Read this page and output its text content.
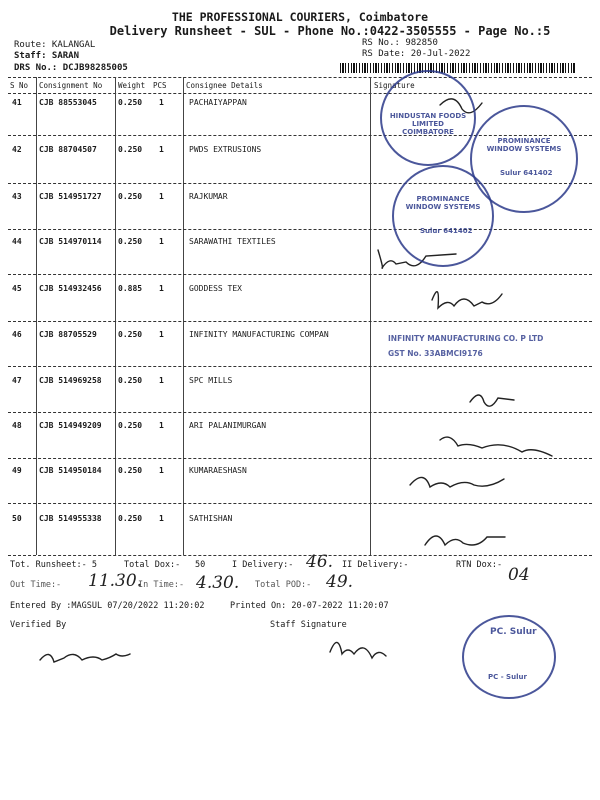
THE PROFESSIONAL COURIERS, Coimbatore
Delivery Runsheet - SUL - Phone No.:0422-3505555 - Page No.:5
Route: KALANGAL
Staff: SARAN
DRS No.: DCJB98285005
RS No.: 982850
RS Date: 20-Jul-2022
S No Consignment No Weight PCS	Consignee Details	Signature
41 CJB 88553045	0.250 1	PACHAIYAPPAN
42 CJB 88704507	0.250 1	PWDS EXTRUSIONS
43 CJB 514951727 0.250 1	RAJKUMAR
44 CJB 514970114 0.250 1	SARAWATHI TEXTILES
45 CJB 514932456 0.885 1	GODDESS TEX
46 CJB 88705529	0.250 1	INFINITY MANUFACTURING COMPAN
47 CJB 514969258 0.250 1	SPC MILLS
48 CJB 514949209 0.250 1	ARI PALANIMURGAN
49 CJB 514950184 0.250 1	KUMARAESHASN
50 CJB 514955338 0.250 1	SATHISHAN
Tot. Runsheet:- 5	Total Dox:- 50	I Delivery:- 46. II Delivery:-	RTN Dox:- 04
Out Time:- 11.30.
In Time:- 4.30. Total POD:- 49.
Entered By :MAGSUL 07/20/2022 11:20:02	Printed On: 20-07-2022 11:20:07
Verified By	Staff Signature
HINDUSTAN FOODS LIMITED COIMBATORE
PROMINANCE WINDOW SYSTEMS
Sulur 641402
PROMINANCE WINDOW SYSTEMS
Sulur 641402
INFINITY MANUFACTURING CO. P LTD
GST No. 33ABMCI9176
PC. Sulur
PC - Sulur
